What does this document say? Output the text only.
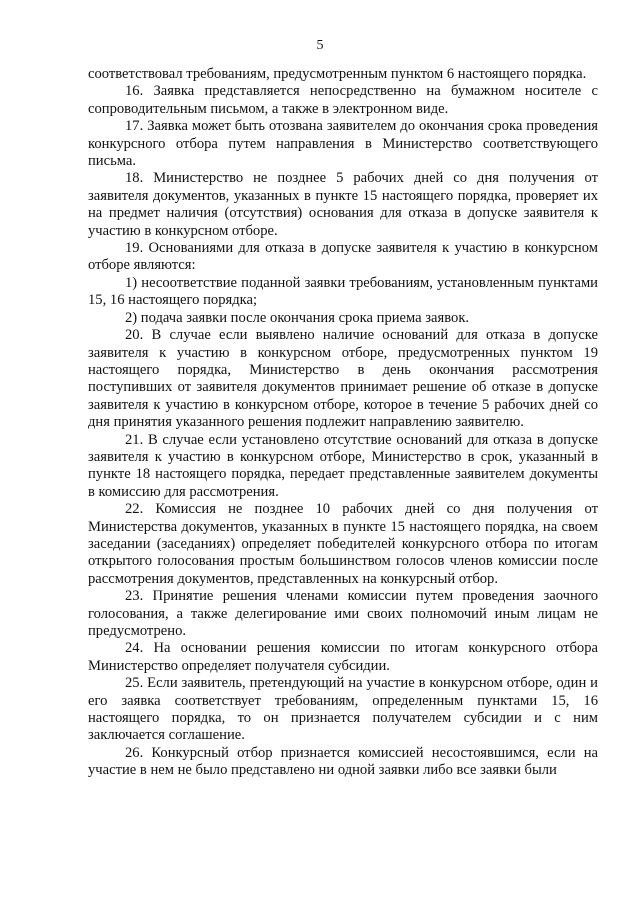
5

соответствовал требованиям, предусмотренным пунктом 6 настоящего порядка.

16. Заявка представляется непосредственно на бумажном носителе с сопроводительным письмом, а также в электронном виде.

17. Заявка может быть отозвана заявителем до окончания срока проведения конкурсного отбора путем направления в Министерство соответствующего письма.

18. Министерство не позднее 5 рабочих дней со дня получения от заявителя документов, указанных в пункте 15 настоящего порядка, проверяет их на предмет наличия (отсутствия) основания для отказа в допуске заявителя к участию в конкурсном отборе.

19. Основаниями для отказа в допуске заявителя к участию в конкурсном отборе являются:

1) несоответствие поданной заявки требованиям, установленным пунктами 15, 16 настоящего порядка;

2) подача заявки после окончания срока приема заявок.

20. В случае если выявлено наличие оснований для отказа в допуске заявителя к участию в конкурсном отборе, предусмотренных пунктом 19 настоящего порядка, Министерство в день окончания рассмотрения поступивших от заявителя документов принимает решение об отказе в допуске заявителя к участию в конкурсном отборе, которое в течение 5 рабочих дней со дня принятия указанного решения подлежит направлению заявителю.

21. В случае если установлено отсутствие оснований для отказа в допуске заявителя к участию в конкурсном отборе, Министерство в срок, указанный в пункте 18 настоящего порядка, передает представленные заявителем документы в комиссию для рассмотрения.

22. Комиссия не позднее 10 рабочих дней со дня получения от Министерства документов, указанных в пункте 15 настоящего порядка, на своем заседании (заседаниях) определяет победителей конкурсного отбора по итогам открытого голосования простым большинством голосов членов комиссии после рассмотрения документов, представленных на конкурсный отбор.

23. Принятие решения членами комиссии путем проведения заочного голосования, а также делегирование ими своих полномочий иным лицам не предусмотрено.

24. На основании решения комиссии по итогам конкурсного отбора Министерство определяет получателя субсидии.

25. Если заявитель, претендующий на участие в конкурсном отборе, один и его заявка соответствует требованиям, определенным пунктами 15, 16 настоящего порядка, то он признается получателем субсидии и с ним заключается соглашение.

26. Конкурсный отбор признается комиссией несостоявшимся, если на участие в нем не было представлено ни одной заявки либо все заявки были
